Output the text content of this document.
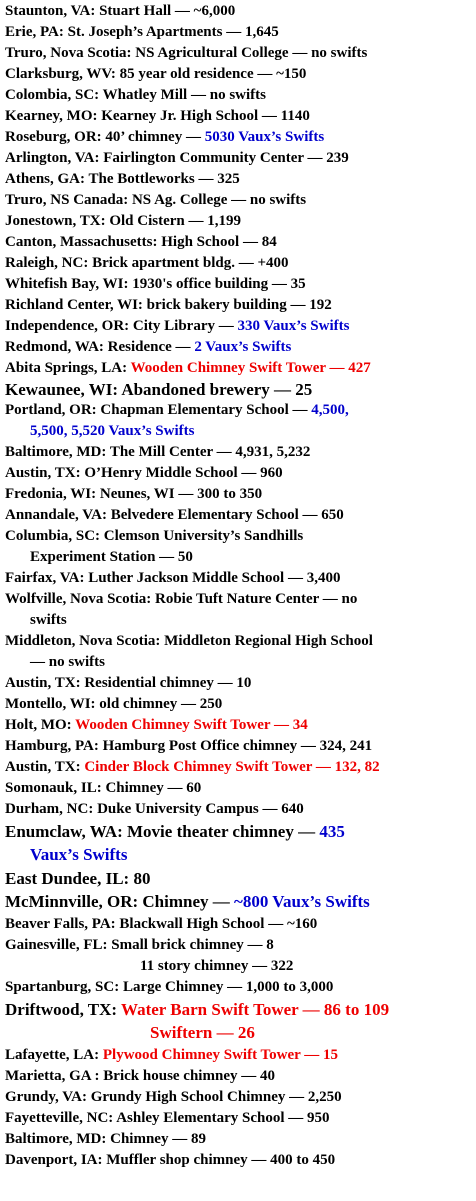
Staunton, VA: Stuart Hall — ~6,000
Erie, PA: St. Joseph’s Apartments — 1,645
Truro, Nova Scotia: NS Agricultural College — no swifts
Clarksburg, WV: 85 year old residence — ~150
Colombia, SC: Whatley Mill — no swifts
Kearney, MO: Kearney Jr. High School — 1140
Roseburg, OR: 40’ chimney — 5030 Vaux’s Swifts
Arlington, VA: Fairlington Community Center — 239
Athens, GA: The Bottleworks — 325
Truro, NS Canada: NS Ag. College — no swifts
Jonestown, TX: Old Cistern — 1,199
Canton, Massachusetts: High School — 84
Raleigh, NC: Brick apartment bldg. — +400
Whitefish Bay, WI: 1930's office building — 35
Richland Center, WI: brick bakery building — 192
Independence, OR: City Library — 330 Vaux’s Swifts
Redmond, WA: Residence — 2 Vaux’s Swifts
Abita Springs, LA: Wooden Chimney Swift Tower — 427
Kewaunee, WI: Abandoned brewery — 25
Portland, OR: Chapman Elementary School — 4,500,
5,500, 5,520 Vaux’s Swifts
Baltimore, MD: The Mill Center — 4,931, 5,232
Austin, TX: O’Henry Middle School — 960
Fredonia, WI: Neunes, WI — 300 to 350
Annandale, VA: Belvedere Elementary School — 650
Columbia, SC: Clemson University’s Sandhills
Experiment Station — 50
Fairfax, VA: Luther Jackson Middle School — 3,400
Wolfville, Nova Scotia: Robie Tuft Nature Center — no
swifts
Middleton, Nova Scotia: Middleton Regional High School
— no swifts
Austin, TX: Residential chimney — 10
Montello, WI: old chimney — 250
Holt, MO: Wooden Chimney Swift Tower — 34
Hamburg, PA: Hamburg Post Office chimney — 324, 241
Austin, TX: Cinder Block Chimney Swift Tower — 132, 82
Somonauk, IL: Chimney — 60
Durham, NC: Duke University Campus — 640
Enumclaw, WA: Movie theater chimney — 435
Vaux’s Swifts
East Dundee, IL: 80
McMinnville, OR: Chimney — ~800 Vaux’s Swifts
Beaver Falls, PA: Blackwall High School — ~160
Gainesville, FL: Small brick chimney — 8
11 story chimney — 322
Spartanburg, SC: Large Chimney — 1,000 to 3,000
Driftwood, TX: Water Barn Swift Tower — 86 to 109
Swiftern — 26
Lafayette, LA: Plywood Chimney Swift Tower — 15
Marietta, GA : Brick house chimney — 40
Grundy, VA: Grundy High School Chimney — 2,250
Fayetteville, NC: Ashley Elementary School — 950
Baltimore, MD: Chimney — 89
Davenport, IA: Muffler shop chimney — 400 to 450
